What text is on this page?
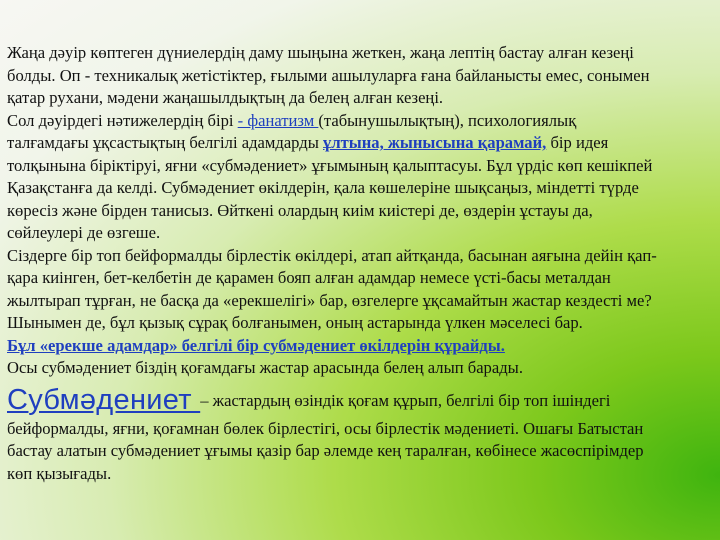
Жаңа дәуір көптеген дүниелердің даму шыңына жеткен, жаңа лептің бастау алған кезеңі
болды. Оп - техникалық жетістіктер, ғылыми ашылуларға ғана байланысты емес, сонымен
қатар рухани, мәдени жаңашылдықтың да белең алған кезеңі.
Сол дәуірдегі нәтижелердің бірі - фанатизм (табынушылықтың), психологиялық
талғамдағы ұқсастықтың белгілі адамдарды ұлтына, жынысына қарамай, бір идея
толқынына біріктіруі, яғни «субмәдениет» ұғымының қалыптасуы. Бұл үрдіс көп кешікпей
Қазақстанға да келді. Субмәдениет өкілдерін, қала көшелеріне шықсаңыз, міндетті түрде
көресіз және бірден танисыз. Өйткені олардың киім киістері де, өздерін ұстауы да,
сөйлеулері де өзгеше.
Сіздерге бір топ бейформалды бірлестік өкілдері, атап айтқанда, басынан аяғына дейін қап-
қара киінген, бет-келбетін де қарамен бояп алған адамдар немесе үсті-басы металдан
жылтырап тұрған, не басқа да «ерекшелігі» бар, өзгелерге ұқсамайтын жастар кездесті ме?
Шынымен де, бұл қызық сұрақ болғанымен, оның астарында үлкен мәселесі бар.
Бұл «ерекше адамдар» белгілі бір субмәдениет өкілдерін құрайды.
Осы субмәдениет біздің қоғамдағы жастар арасында белең алып барады.
Субмәдениет – жастардың өзіндік қоғам құрып, белгілі бір топ ішіндегі
бейформалды, яғни, қоғамнан бөлек бірлестігі, осы бірлестік мәдениеті. Ошағы Батыстан
бастау алатын субмәдениет ұғымы қазір бар әлемде кең таралған, көбінесе жасөспірімдер
көп қызығады.
